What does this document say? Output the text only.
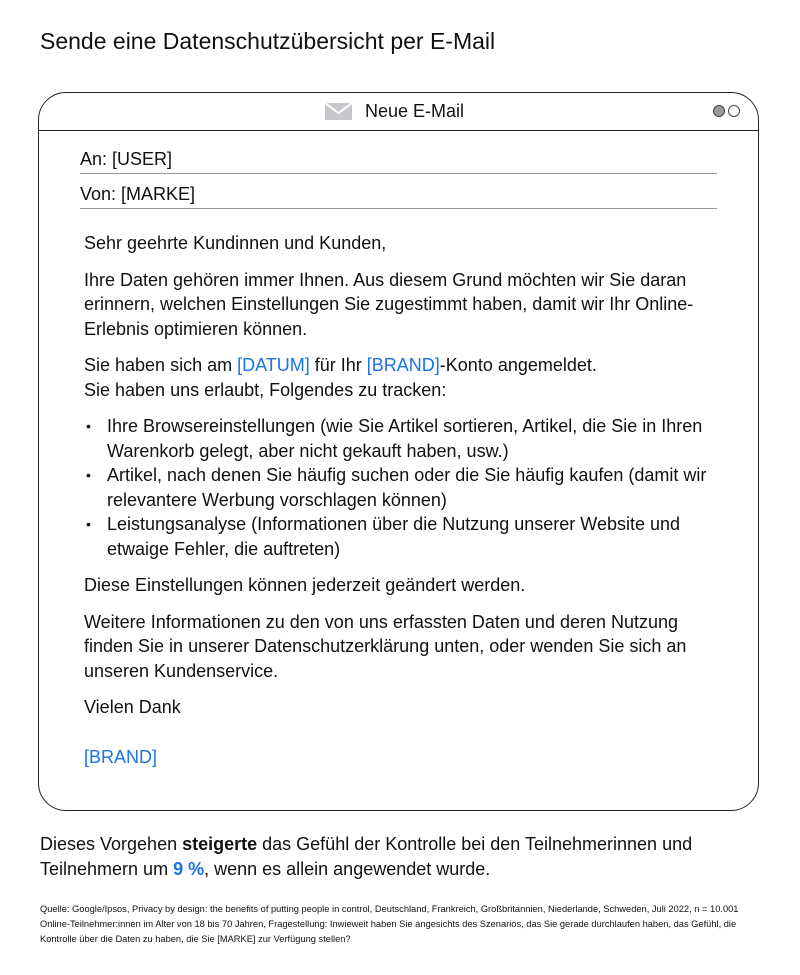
Sende eine Datenschutzübersicht per E-Mail
Neue E-Mail
An: [USER]
Von: [MARKE]

Sehr geehrte Kundinnen und Kunden,

Ihre Daten gehören immer Ihnen. Aus diesem Grund möchten wir Sie daran erinnern, welchen Einstellungen Sie zugestimmt haben, damit wir Ihr Online-Erlebnis optimieren können.

Sie haben sich am [DATUM] für Ihr [BRAND]-Konto angemeldet.
Sie haben uns erlaubt, Folgendes zu tracken:

• Ihre Browsereinstellungen (wie Sie Artikel sortieren, Artikel, die Sie in Ihren Warenkorb gelegt, aber nicht gekauft haben, usw.)
• Artikel, nach denen Sie häufig suchen oder die Sie häufig kaufen (damit wir relevantere Werbung vorschlagen können)
• Leistungsanalyse (Informationen über die Nutzung unserer Website und etwaige Fehler, die auftreten)

Diese Einstellungen können jederzeit geändert werden.

Weitere Informationen zu den von uns erfassten Daten und deren Nutzung finden Sie in unserer Datenschutzerklärung unten, oder wenden Sie sich an unseren Kundenservice.

Vielen Dank

[BRAND]

Dieses Vorgehen steigerte das Gefühl der Kontrolle bei den Teilnehmerinnen und Teilnehmern um 9 %, wenn es allein angewendet wurde.
Quelle: Google/Ipsos, Privacy by design: the benefits of putting people in control, Deutschland, Frankreich, Großbritannien, Niederlande, Schweden, Juli 2022, n = 10.001 Online-Teilnehmer:innen im Alter von 18 bis 70 Jahren, Fragestellung: Inwieweit haben Sie angesichts des Szenarios, das Sie gerade durchlaufen haben, das Gefühl, die Kontrolle über die Daten zu haben, die Sie [MARKE] zur Verfügung stellen?
